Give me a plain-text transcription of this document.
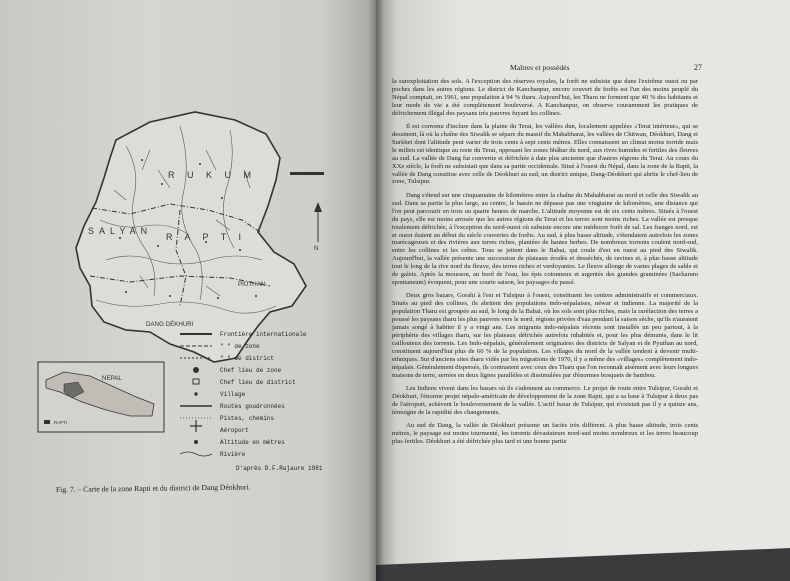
N
R U K U M
SALYAN
R A P T I
PIUTHAN
DANG DÉKHURI
NEPAL
RAPTI
Frontière internationale
" " de zone
" " de district
Chef lieu de zone
Chef lieu de district
Village
Routes goudronnées
Pistes, chemins
Aéroport
Altitude en mètres
Rivière
D'après D.F.Rajaure 1981
Fig. 7. – Carte de la zone Rapti et du district de Dang Déokhuri.
Maîtres et possédés	27

la surexploitation des sols. A l'exception des réserves royales, la forêt ne subsiste que dans l'extrême ouest ou par poches dans les autres régions. Le district de Kanchanpur, encore couvert de forêts est l'un des moins peuplé du Népal comptait, en 1961, une population à 94 % tharu. Aujourd'hui, les Tharu ne forment que 40 % des habitants et leur mode de vie a été complètement bouleversé. A Kanchanpur, on observe couramment les pratiques de défrichement illégal des paysans très pauvres fuyant les collines.

Il est convenu d'inclure dans la plaine du Terai, les vallées dun, localement appelées «Terai intérieur», qui se dessinent, là où la chaîne des Siwalik se sépare du massif du Mahabharat, les vallées de Chitwan, Déokhuri, Dang et Surkhet dont l'altitude peut varier de trois cents à sept cents mètres. Elles connaissent un climat moins torride mais le milieu est identique au reste du Terai, opposant les zones bhâbar du nord, aux rives humides et fertiles des fleuves au sud. La vallée de Dang fut convertie et défrichée à date plus ancienne que d'autres régions du Terai. Au cours du XXe siècle, la forêt ne subsistait que dans sa partie occidentale. Situé à l'ouest du Népal, dans la zone de la Rapti, la vallée de Dang constitue avec celle de Déokhuri au sud, un district unique, Dang-Déokhuri qui abrite le chef-lieu de zone, Tulsipur.

Dang s'étend sur une cinquantaine de kilomètres entre la chaîne du Mahabbarat au nord et celle des Siwalik au sud. Dans sa partie la plus large, au centre, le bassin ne dépasse pas une vingtaine de kilomètres, une distance qui l'on peut parcourir en trois ou quatre heures de marche. L'altitude moyenne est de six cents mètres. Situés à l'ouest du pays, elle est moins arrosée que les autres régions du Terai et les terres sont moins riches. La vallée est presque totalement défrichée, à l'exception du nord-ouest où subsiste encore une médiocre forêt de sal. Les franges nord, est et ouest étaient au début du siècle couvertes de forêts. Au sud, à plus basse altitude, s'étendaient autrefois les zones marécageuses et des rivières aux terres riches, plantées de hautes herbes. De nombreux torrents coulent nord-sud, entre les collines et les crêtes. Tous se jettent dans le Babai, qui coule d'est en ouest au pied des Siwalik. Aujourd'hui, la vallée présente une succession de plateaux érodés et desséchés, de ravines et, à plus basse altitude tout le long de la rive nord du fleuve, des terres riches et verdoyantes. Le fleuve allonge de vastes plages de sable et de galets. Après la mousson, au bord de l'eau, les épis cotonneux et argentés des grandes graminées (Sacharum spontaneum) évoquent, pour une courte saison, les paysages du passé.

Deux gros bazars, Gorahi à l'est et Tulsipur à l'ouest, constituent les centres administratifs et commerciaux. Situés au pied des collines, ils abritent des populations indo-népalaises, néwar et indienne. La majorité de la population Tharu est groupée au sud, le long de la Babai, où les sols sont plus riches, mais la raréfaction des terres a poussé les paysans tharu les plus pauvres vers le nord, régions privées d'eau pendant la saison sèche, qu'ils n'auraient jamais songé à habiter il y a vingt ans. Les migrants indo-népalais récents sont installés un peu partout, à la périphérie des villages tharu, sur les plateaux défrichés autrefois inhabités et, pour les plus démunis, dans le lit caillouteux des torrents. Les Indo-népalais, généralement originaires des districts de Salyan et de Pyuthan au nord, constituent aujourd'hui plus de 60 % de la population. Les villages du nord de la vallée tendent à devenir multi-ethniques. Sur d'anciens sites tharu vidés par les migrations de 1970, il y a même des «villages» complètement indo-népalais. Généralement dispersés, ils contrastent avec ceux des Tharu que l'on reconnaît aisément avec leurs longues maisons de terre, serrées en deux lignes parallèles et dissimulées par d'énormes bosquets de bambou.

Les Indiens vivent dans les bazars où ils s'adonnent au commerce. Le projet de route entre Tulsipur, Gorahi et Déokhuri, l'énorme projet népalo-américain de développement de la zone Rapti, qui a sa base à Tulsipur à deux pas de l'aéroport, achèvent le bouleversement de la vallée. L'actif bazar de Tulsipur, qui n'existait pas il y a quinze ans, témoigne de la rapidité des changements.

Au sud de Dang, la vallée de Déokhuri présente un faciès très différent. A plus basse altitude, trois cents mètres, le paysage est moins tourmenté, les torrents dévastateurs nord-sud moins nombreux et les terres beaucoup plus fertiles. Déokhuri a été défrichée plus tard et une bonne partie
